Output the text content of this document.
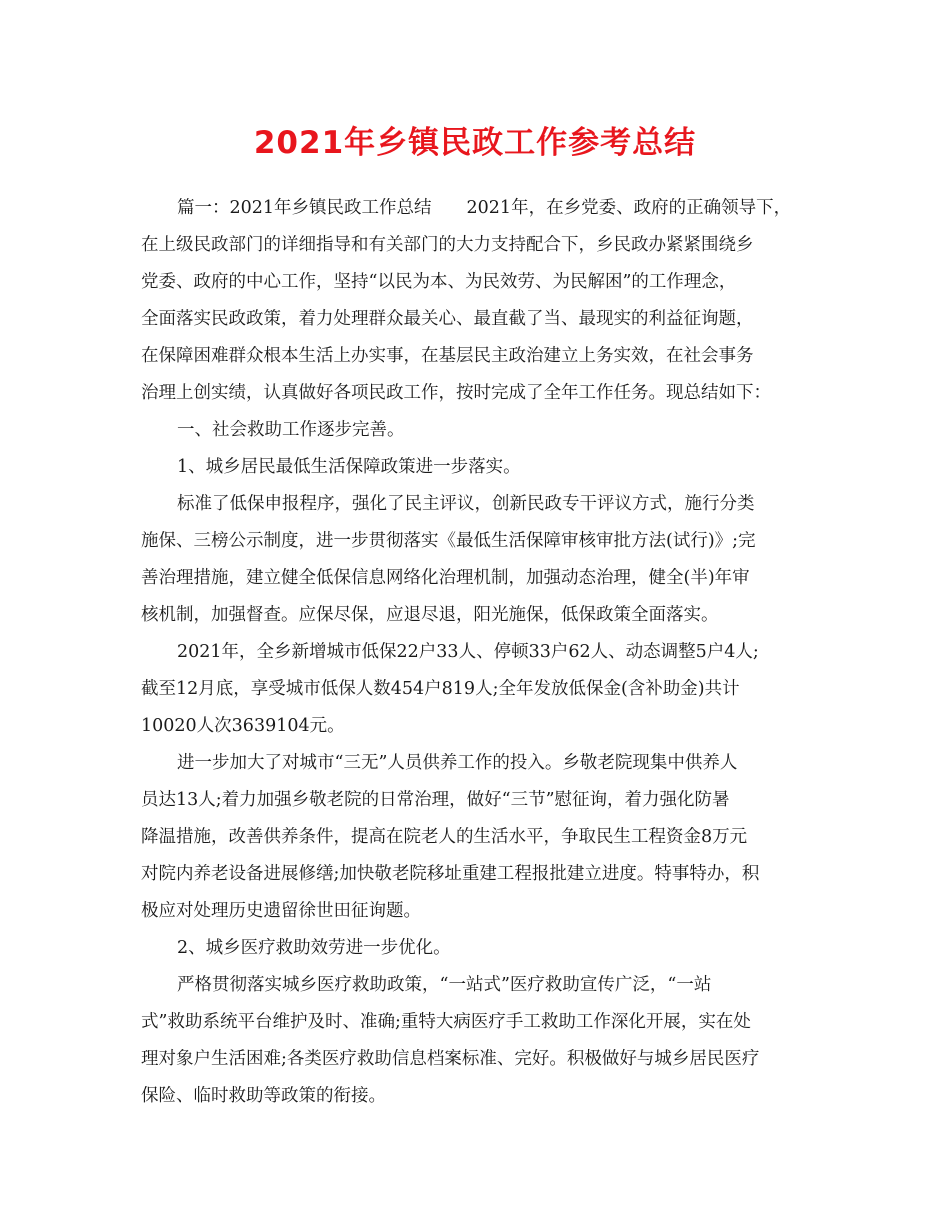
2021年乡镇民政工作参考总结
篇一：2021年乡镇民政工作总结　　2021年，在乡党委、政府的正确领导下，
在上级民政部门的详细指导和有关部门的大力支持配合下，乡民政办紧紧围绕乡
党委、政府的中心工作，坚持“以民为本、为民效劳、为民解困”的工作理念，
全面落实民政政策，着力处理群众最关心、最直截了当、最现实的利益征询题，
在保障困难群众根本生活上办实事，在基层民主政治建立上务实效，在社会事务
治理上创实绩，认真做好各项民政工作，按时完成了全年工作任务。现总结如下：
一、社会救助工作逐步完善。
1、城乡居民最低生活保障政策进一步落实。
标准了低保申报程序，强化了民主评议，创新民政专干评议方式，施行分类
施保、三榜公示制度，进一步贯彻落实《最低生活保障审核审批方法(试行)》;完
善治理措施，建立健全低保信息网络化治理机制，加强动态治理，健全(半)年审
核机制，加强督查。应保尽保，应退尽退，阳光施保，低保政策全面落实。
2021年，全乡新增城市低保22户33人、停顿33户62人、动态调整5户4人;
截至12月底，享受城市低保人数454户819人;全年发放低保金(含补助金)共计
10020人次3639104元。
进一步加大了对城市“三无”人员供养工作的投入。乡敬老院现集中供养人
员达13人;着力加强乡敬老院的日常治理，做好“三节”慰征询，着力强化防暑
降温措施，改善供养条件，提高在院老人的生活水平，争取民生工程资金8万元
对院内养老设备进展修缮;加快敬老院移址重建工程报批建立进度。特事特办，积
极应对处理历史遗留徐世田征询题。
2、城乡医疗救助效劳进一步优化。
严格贯彻落实城乡医疗救助政策，“一站式”医疗救助宣传广泛，“一站
式”救助系统平台维护及时、准确;重特大病医疗手工救助工作深化开展，实在处
理对象户生活困难;各类医疗救助信息档案标准、完好。积极做好与城乡居民医疗
保险、临时救助等政策的衔接。
